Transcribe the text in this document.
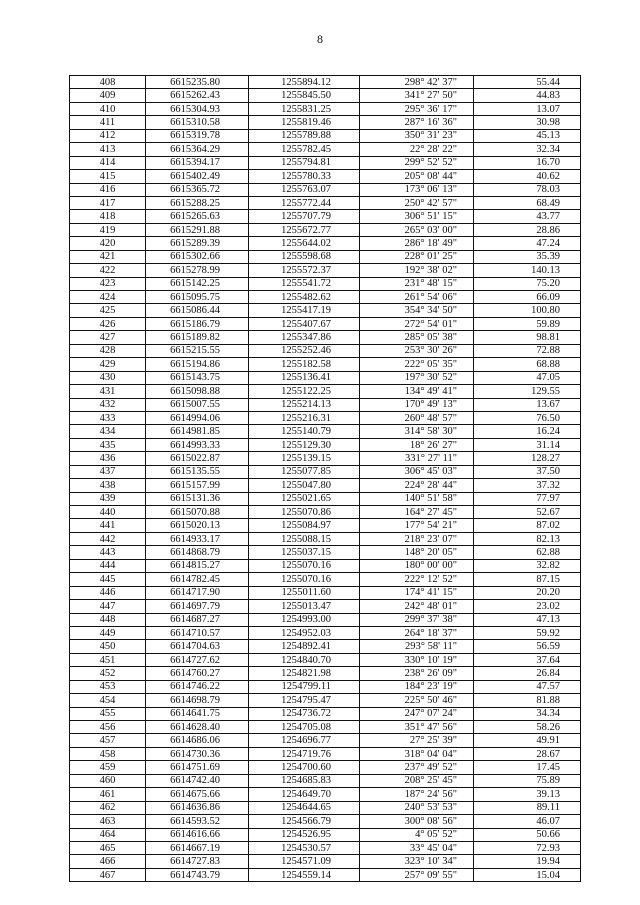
8
408	6615235.80	1255894.12	298° 42' 37"	55.44
409	6615262.43	1255845.50	341° 27' 50"	44.83
410	6615304.93	1255831.25	295° 36' 17"	13.07
411	6615310.58	1255819.46	287° 16' 36"	30.98
412	6615319.78	1255789.88	350° 31' 23"	45.13
413	6615364.29	1255782.45	22° 28' 22"	32.34
414	6615394.17	1255794.81	299° 52' 52"	16.70
415	6615402.49	1255780.33	205° 08' 44"	40.62
416	6615365.72	1255763.07	173° 06' 13"	78.03
417	6615288.25	1255772.44	250° 42' 57"	68.49
418	6615265.63	1255707.79	306° 51' 15"	43.77
419	6615291.88	1255672.77	265° 03' 00"	28.86
420	6615289.39	1255644.02	286° 18' 49"	47.24
421	6615302.66	1255598.68	228° 01' 25"	35.39
422	6615278.99	1255572.37	192° 38' 02"	140.13
423	6615142.25	1255541.72	231° 48' 15"	75.20
424	6615095.75	1255482.62	261° 54' 06"	66.09
425	6615086.44	1255417.19	354° 34' 50"	100.80
426	6615186.79	1255407.67	272° 54' 01"	59.89
427	6615189.82	1255347.86	285° 05' 38"	98.81
428	6615215.55	1255252.46	253° 30' 26"	72.88
429	6615194.86	1255182.58	222° 05' 35"	68.88
430	6615143.75	1255136.41	197° 30' 52"	47.05
431	6615098.88	1255122.25	134° 49' 41"	129.55
432	6615007.55	1255214.13	170° 49' 13"	13.67
433	6614994.06	1255216.31	260° 48' 57"	76.50
434	6614981.85	1255140.79	314° 58' 30"	16.24
435	6614993.33	1255129.30	18° 26' 27"	31.14
436	6615022.87	1255139.15	331° 27' 11"	128.27
437	6615135.55	1255077.85	306° 45' 03"	37.50
438	6615157.99	1255047.80	224° 28' 44"	37.32
439	6615131.36	1255021.65	140° 51' 58"	77.97
440	6615070.88	1255070.86	164° 27' 45"	52.67
441	6615020.13	1255084.97	177° 54' 21"	87.02
442	6614933.17	1255088.15	218° 23' 07"	82.13
443	6614868.79	1255037.15	148° 20' 05"	62.88
444	6614815.27	1255070.16	180° 00' 00"	32.82
445	6614782.45	1255070.16	222° 12' 52"	87.15
446	6614717.90	1255011.60	174° 41' 15"	20.20
447	6614697.79	1255013.47	242° 48' 01"	23.02
448	6614687.27	1254993.00	299° 37' 38"	47.13
449	6614710.57	1254952.03	264° 18' 37"	59.92
450	6614704.63	1254892.41	293° 58' 11"	56.59
451	6614727.62	1254840.70	330° 10' 19"	37.64
452	6614760.27	1254821.98	238° 26' 09"	26.84
453	6614746.22	1254799.11	184° 23' 19"	47.57
454	6614698.79	1254795.47	225° 50' 46"	81.88
455	6614641.75	1254736.72	247° 07' 24"	34.34
456	6614628.40	1254705.08	351° 47' 56"	58.26
457	6614686.06	1254696.77	27° 25' 39"	49.91
458	6614730.36	1254719.76	318° 04' 04"	28.67
459	6614751.69	1254700.60	237° 49' 52"	17.45
460	6614742.40	1254685.83	208° 25' 45"	75.89
461	6614675.66	1254649.70	187° 24' 56"	39.13
462	6614636.86	1254644.65	240° 53' 53"	89.11
463	6614593.52	1254566.79	300° 08' 56"	46.07
464	6614616.66	1254526.95	4° 05' 52"	50.66
465	6614667.19	1254530.57	33° 45' 04"	72.93
466	6614727.83	1254571.09	323° 10' 34"	19.94
467	6614743.79	1254559.14	257° 09' 55"	15.04
